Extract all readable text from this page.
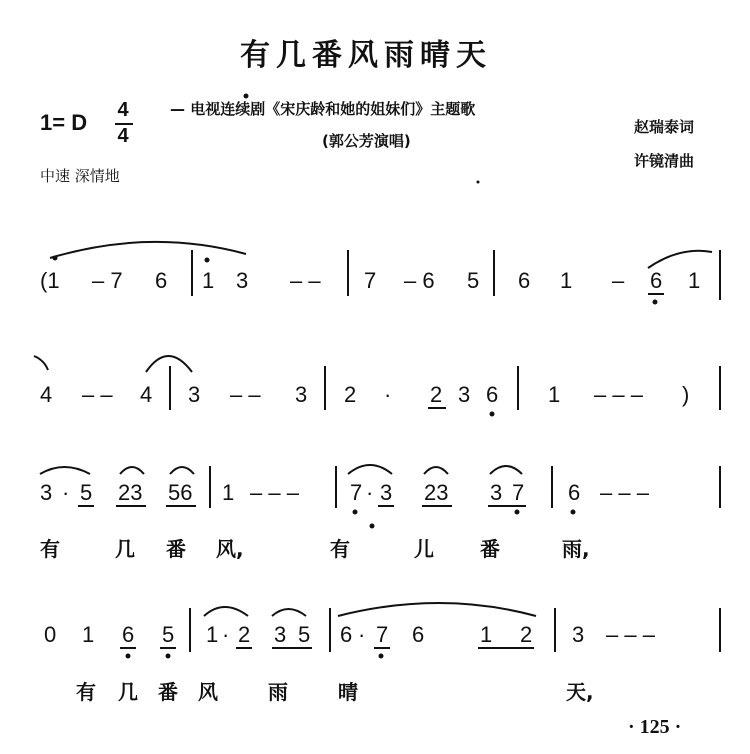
有几番风雨晴天
1= D 4
4
— 电视连续剧《宋庆龄和她的姐妹们》主题歌
(郭公芳演唱)
赵瑞泰词
许镜清曲
中速 深情地
(1 – 7 6 1 3 – – 7 – 6 5 6 1 – 6 1
4 – – 4 3 – – 3 2 · 2 3 6 1 – – – )
3 · 5 23 56 1 – – – 7 · 3 23 3 7 6 – – –
有	几 番 风,	有	儿 番	雨,
0 1 6 5 1 · 2 3 5 6 · 7 6	1 2 3 – – –
有 几 番 风	雨	晴	天,
· 125 ·
